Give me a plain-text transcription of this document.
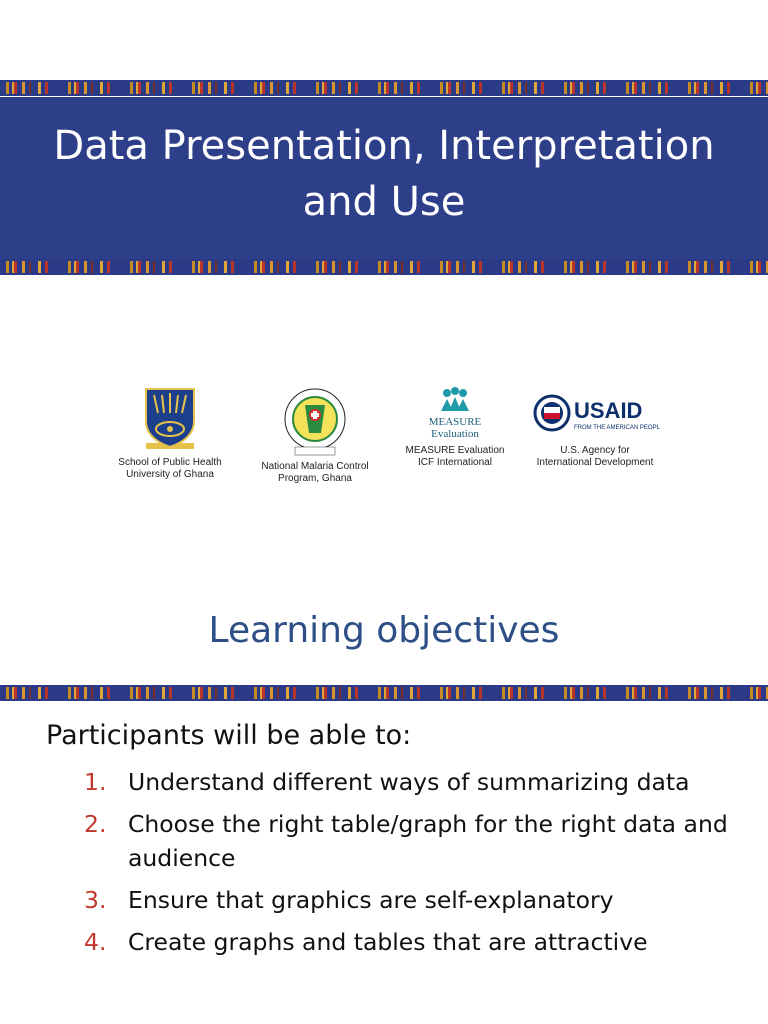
Data Presentation, Interpretation
and Use
School of Public Health
University of Ghana
National Malaria Control
Program, Ghana
MEASURE
Evaluation
MEASURE Evaluation
ICF International
USAID
FROM THE AMERICAN PEOPLE
U.S. Agency for
International Development
Learning objectives
Participants will be able to:
1. Understand different ways of summarizing data
2. Choose the right table/graph for the right data and audience
3. Ensure that graphics are self-explanatory
4. Create graphs and tables that are attractive
